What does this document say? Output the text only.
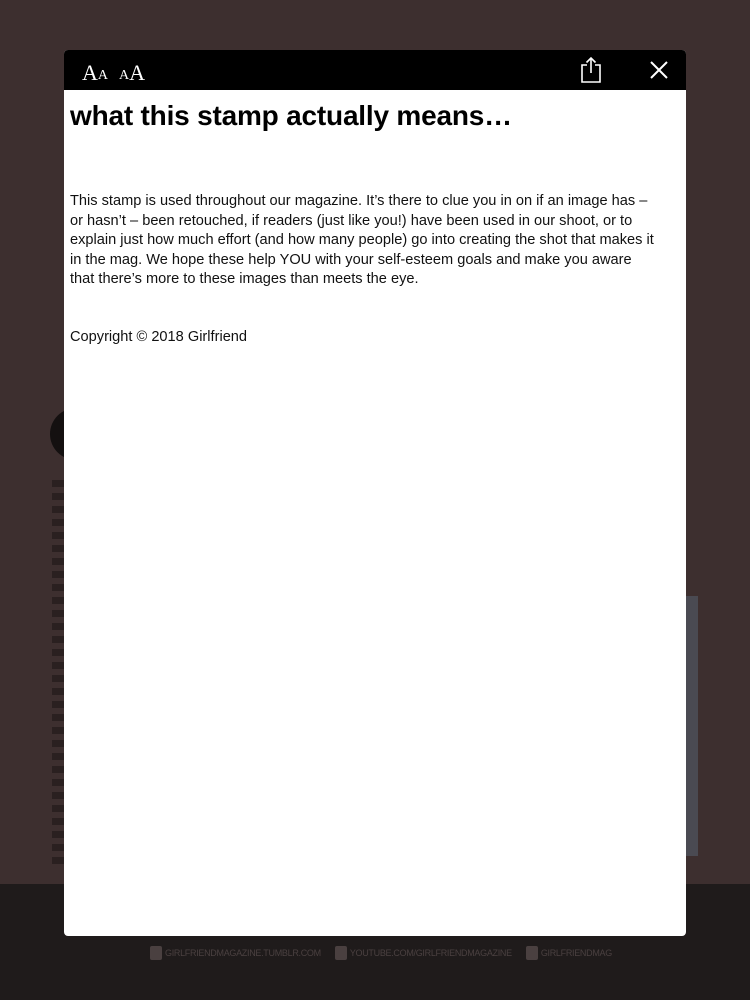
GIRLFRIENDMAGAZINE.TUMBLR.COM	YOUTUBE.COM/GIRLFRIENDMAGAZINE	GIRLFRIENDMAG
A A A A
what this stamp actually means…

This stamp is used throughout our magazine. It’s there to clue you in on if an image has – or hasn’t – been retouched, if readers (just like you!) have been used in our shoot, or to explain just how much effort (and how many people) go into creating the shot that makes it in the mag. We hope these help YOU with your self-esteem goals and make you aware that there’s more to these images than meets the eye.

Copyright © 2018 Girlfriend
